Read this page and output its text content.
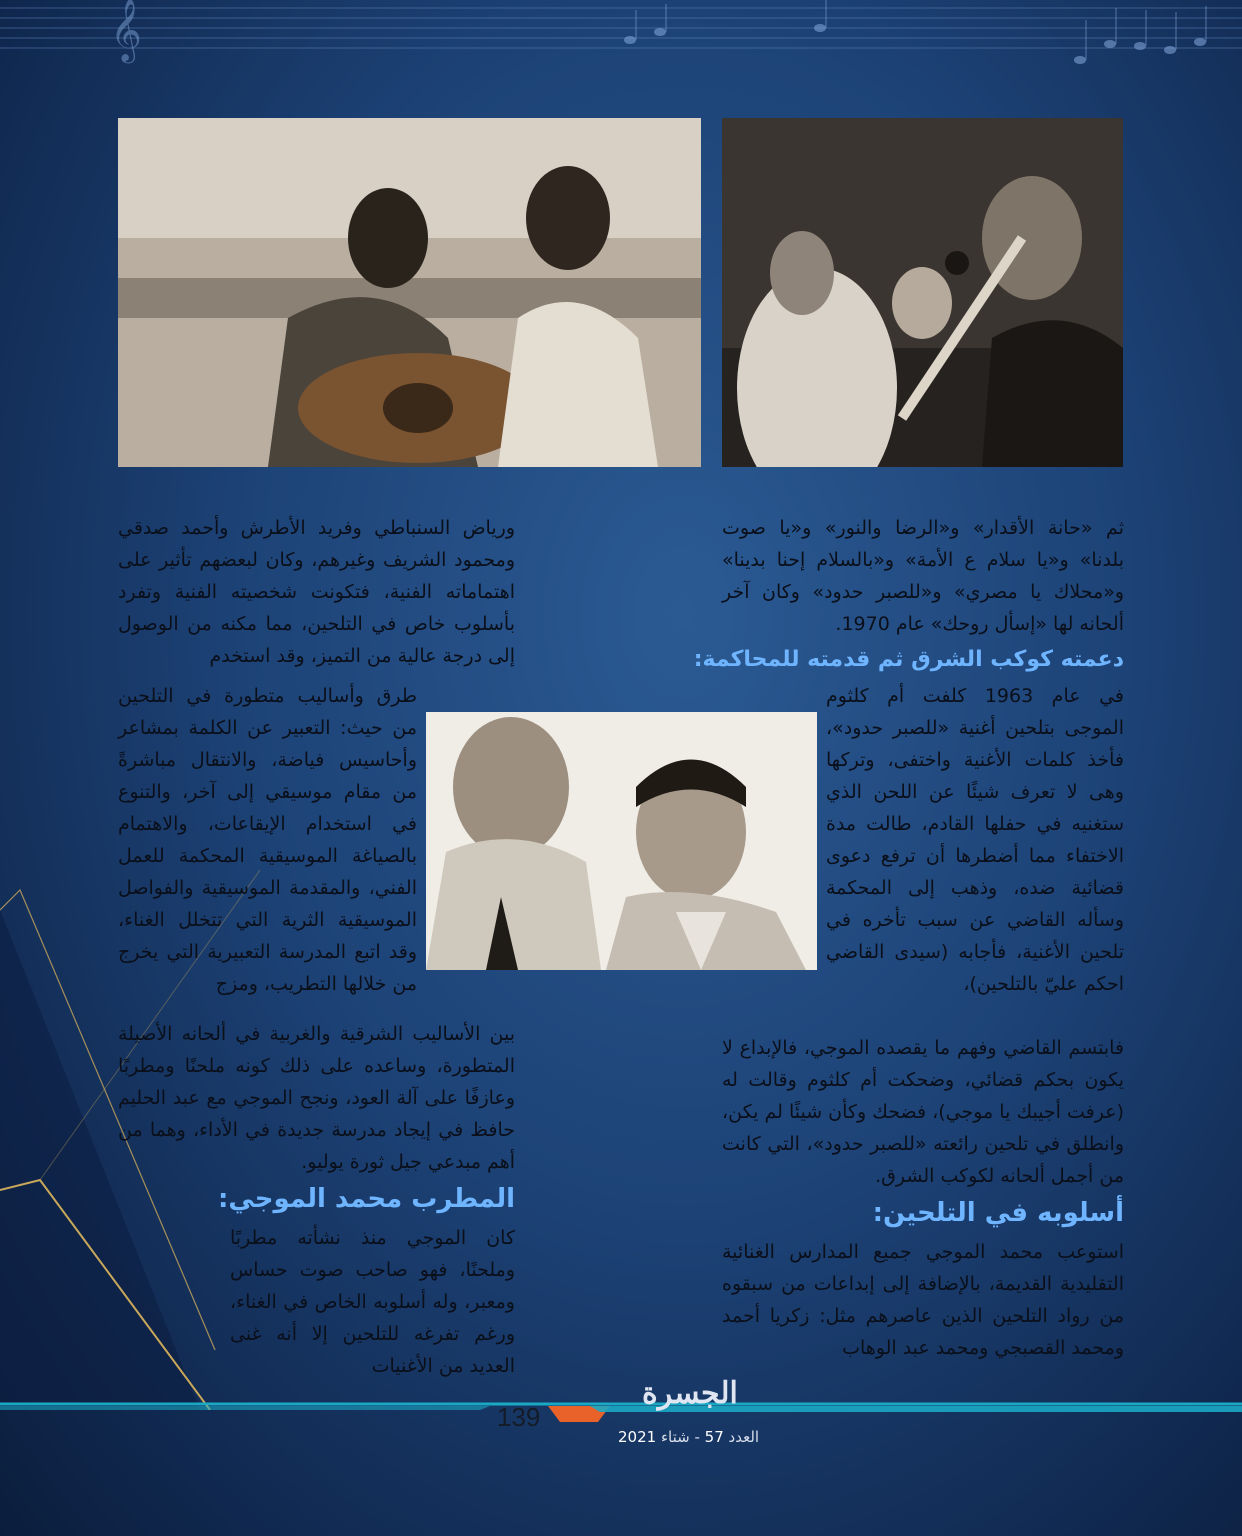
𝄞

ثم «حانة الأقدار» و«الرضا والنور» و«يا صوت بلدنا» و«يا سلام ع الأمة» و«بالسلام إحنا بدينا» و«محلاك يا مصري» و«للصبر حدود» وكان آخر ألحانه لها «إسأل روحك» عام 1970.

دعمته كوكب الشرق ثم قدمته للمحاكمة:

في عام 1963 كلفت أم كلثوم الموجى بتلحين أغنية «للصبر حدود»، فأخذ كلمات الأغنية واختفى، وتركها وهى لا تعرف شيئًا عن اللحن الذي ستغنيه في حفلها القادم، طالت مدة الاختفاء مما أضطرها أن ترفع دعوى قضائية ضده، وذهب إلى المحكمة وسأله القاضي عن سبب تأخره في تلحين الأغنية، فأجابه (سيدى القاضي احكم عليّ بالتلحين)،

فابتسم القاضي وفهم ما يقصده الموجي، فالإبداع لا يكون بحكم قضائي، وضحكت أم كلثوم وقالت له (عرفت أجيبك يا موجي)، فضحك وكأن شيئًا لم يكن، وانطلق في تلحين رائعته «للصبر حدود»، التي كانت من أجمل ألحانه لكوكب الشرق.

أسلوبه في التلحين:

استوعب محمد الموجي جميع المدارس الغنائية التقليدية القديمة، بالإضافة إلى إبداعات من سبقوه من رواد التلحين الذين عاصرهم مثل: زكريا أحمد ومحمد القصبجي ومحمد عبد الوهاب

ورياض السنباطي وفريد الأطرش وأحمد صدقي ومحمود الشريف وغيرهم، وكان لبعضهم تأثير على اهتماماته الفنية، فتكونت شخصيته الفنية وتفرد بأسلوب خاص في التلحين، مما مكنه من الوصول إلى درجة عالية من التميز، وقد استخدم

طرق وأساليب متطورة في التلحين من حيث: التعبير عن الكلمة بمشاعر وأحاسيس فياضة، والانتقال مباشرةً من مقام موسيقي إلى آخر، والتنوع في استخدام الإيقاعات، والاهتمام بالصياغة الموسيقية المحكمة للعمل الفني، والمقدمة الموسيقية والفواصل الموسيقية الثرية التي تتخلل الغناء، وقد اتبع المدرسة التعبيرية التي يخرج من خلالها التطريب، ومزج

بين الأساليب الشرقية والغربية في ألحانه الأصيلة المتطورة، وساعده على ذلك كونه ملحنًا ومطربًا وعازفًا على آلة العود، ونجح الموجي مع عبد الحليم حافظ في إيجاد مدرسة جديدة في الأداء، وهما من أهم مبدعي جيل ثورة يوليو.

المطرب محمد الموجي:

كان الموجي منذ نشأته مطربًا وملحنًا، فهو صاحب صوت حساس ومعبر، وله أسلوبه الخاص في الغناء، ورغم تفرغه للتلحين إلا أنه غنى العديد من الأغنيات

139
الجسرة
العدد 57 - شتاء 2021
